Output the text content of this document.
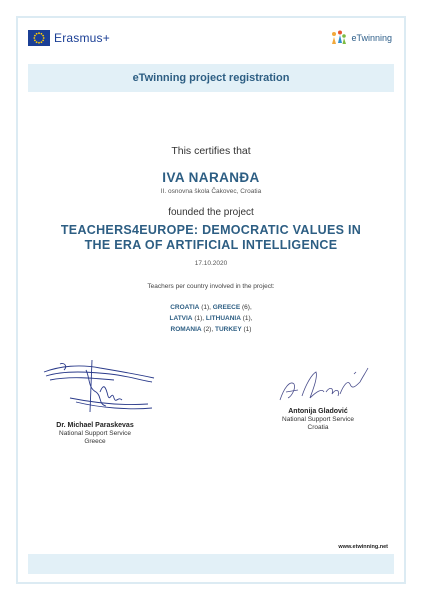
Erasmus+	eTwinning
eTwinning project registration
This certifies that
IVA NARANĐA
II. osnovna škola Čakovec, Croatia
founded the project
TEACHERS4EUROPE: DEMOCRATIC VALUES IN
THE ERA OF ARTIFICIAL INTELLIGENCE
17.10.2020
Teachers per country involved in the project:
CROATIA (1), GREECE (6),
LATVIA (1), LITHUANIA (1),
ROMANIA (2), TURKEY (1)
Dr. Michael Paraskevas
National Support Service
Greece
Antonija Gladović
National Support Service
Croatia
www.etwinning.net
